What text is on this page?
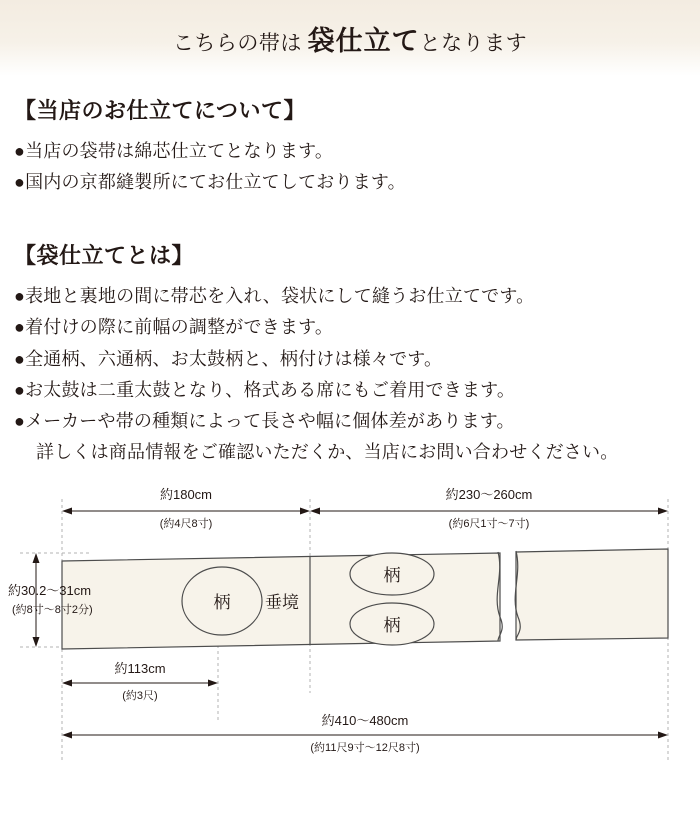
こちらの帯は 袋仕立てとなります
【当店のお仕立てについて】

●当店の袋帯は綿芯仕立てとなります。

●国内の京都縫製所にてお仕立てしております。

【袋仕立てとは】

●表地と裏地の間に帯芯を入れ、袋状にして縫うお仕立てです。

●着付けの際に前幅の調整ができます。

●全通柄、六通柄、お太鼓柄と、柄付けは様々です。

●お太鼓は二重太鼓となり、格式ある席にもご着用できます。

●メーカーや帯の種類によって長さや幅に個体差があります。

詳しくは商品情報をご確認いただくか、当店にお問い合わせください。

約180cm
(約4尺8寸)
約230〜260cm
(約6尺1寸〜7寸)
約30.2〜31cm
(約8寸〜8寸2分)	柄
柄
柄
垂境
約113cm
(約3尺)
約410〜480cm
(約11尺9寸〜12尺8寸)
